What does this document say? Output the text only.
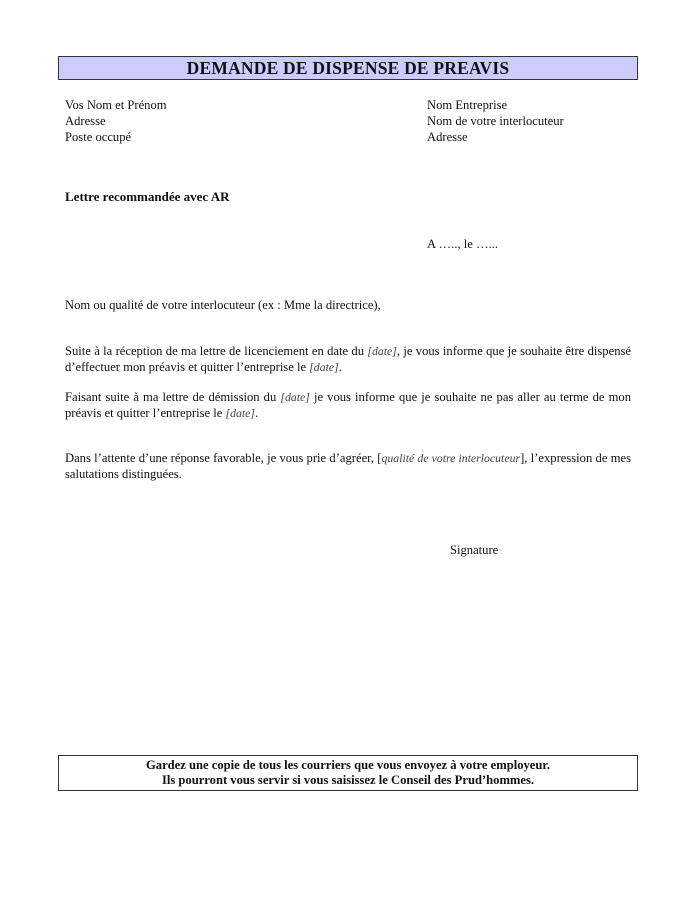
DEMANDE DE DISPENSE DE PREAVIS
Vos Nom et Prénom
Adresse
Poste occupé
Nom Entreprise
Nom de votre interlocuteur
Adresse
Lettre recommandée avec AR
A ….., le …...
Nom ou qualité de votre interlocuteur (ex : Mme la directrice),
Suite à la réception de ma lettre de licenciement en date du [date], je vous informe que je souhaite être dispensé d’effectuer mon préavis et quitter l’entreprise le [date].
Faisant suite à ma lettre de démission du [date] je vous informe que je souhaite ne pas aller au terme de mon préavis et quitter l’entreprise le [date].
Dans l’attente d’une réponse favorable, je vous prie d’agréer, [qualité de votre interlocuteur], l’expression de mes salutations distinguées.
Signature
Gardez une copie de tous les courriers que vous envoyez à votre employeur.
Ils pourront vous servir si vous saisissez le Conseil des Prud’hommes.
